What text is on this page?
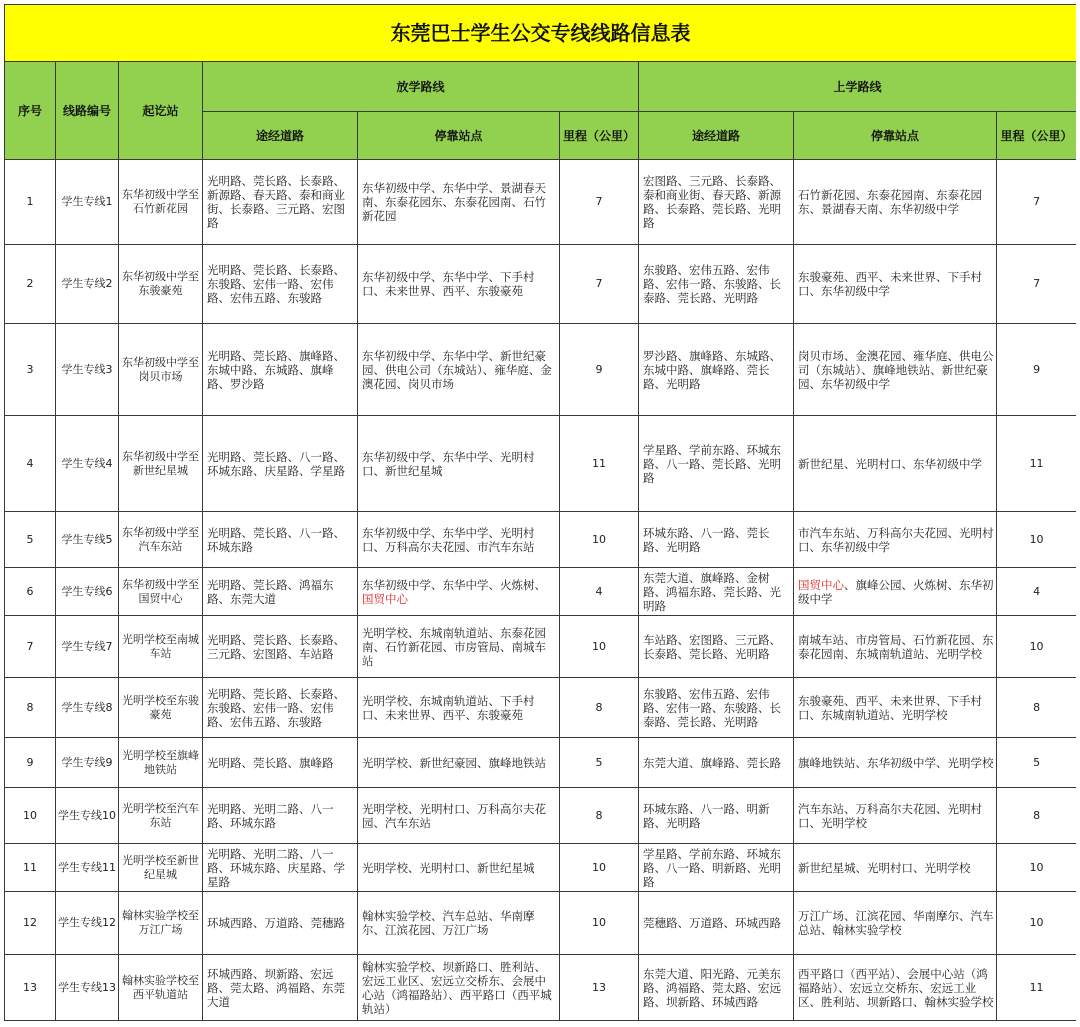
东莞巴士学生公交专线线路信息表								
序号	线路编号	起讫站	放学路线			上学路线		
			途经道路	停靠站点	里程（公里）	途经道路	停靠站点	里程（公里）
1	学生专线1	东华初级中学至石竹新花园	光明路、莞长路、长泰路、新源路、春天路、泰和商业街、长泰路、三元路、宏图路	东华初级中学、东华中学、景湖春天南、东泰花园东、东泰花园南、石竹新花园	7	宏图路、三元路、长泰路、泰和商业街、春天路、新源路、长泰路、莞长路、光明路	石竹新花园、东泰花园南、东泰花园东、景湖春天南、东华初级中学	7
2	学生专线2	东华初级中学至东骏豪苑	光明路、莞长路、长泰路、东骏路、宏伟一路、宏伟路、宏伟五路、东骏路	东华初级中学、东华中学、下手村口、未来世界、西平、东骏豪苑	7	东骏路、宏伟五路、宏伟路、宏伟一路、东骏路、长泰路、莞长路、光明路	东骏豪苑、西平、未来世界、下手村口、东华初级中学	7
3	学生专线3	东华初级中学至岗贝市场	光明路、莞长路、旗峰路、东城中路、东城路、旗峰路、罗沙路	东华初级中学、东华中学、新世纪豪园、供电公司（东城站）、雍华庭、金澳花园、岗贝市场	9	罗沙路、旗峰路、东城路、东城中路、旗峰路、莞长路、光明路	岗贝市场、金澳花园、雍华庭、供电公司（东城站）、旗峰地铁站、新世纪豪园、东华初级中学	9
4	学生专线4	东华初级中学至新世纪星城	光明路、莞长路、八一路、环城东路、庆星路、学星路	东华初级中学、东华中学、光明村口、新世纪星城	11	学星路、学前东路、环城东路、八一路、莞长路、光明路	新世纪星、光明村口、东华初级中学	11
5	学生专线5	东华初级中学至汽车东站	光明路、莞长路、八一路、环城东路	东华初级中学、东华中学、光明村口、万科高尔夫花园、市汽车东站	10	环城东路、八一路、莞长路、光明路	市汽车东站、万科高尔夫花园、光明村口、东华初级中学	10
6	学生专线6	东华初级中学至国贸中心	光明路、莞长路、鸿福东路、东莞大道	东华初级中学、东华中学、火炼树、国贸中心	4	东莞大道、旗峰路、金树路、鸿福东路、莞长路、光明路	国贸中心、旗峰公园、火炼树、东华初级中学	4
7	学生专线7	光明学校至南城车站	光明路、莞长路、长泰路、三元路、宏图路、车站路	光明学校、东城南轨道站、东泰花园南、石竹新花园、市房管局、南城车站	10	车站路、宏图路、三元路、长泰路、莞长路、光明路	南城车站、市房管局、石竹新花园、东泰花园南、东城南轨道站、光明学校	10
8	学生专线8	光明学校至东骏豪苑	光明路、莞长路、长泰路、东骏路、宏伟一路、宏伟路、宏伟五路、东骏路	光明学校、东城南轨道站、下手村口、未来世界、西平、东骏豪苑	8	东骏路、宏伟五路、宏伟路、宏伟一路、东骏路、长泰路、莞长路、光明路	东骏豪苑、西平、未来世界、下手村口、东城南轨道站、光明学校	8
9	学生专线9	光明学校至旗峰地铁站	光明路、莞长路、旗峰路	光明学校、新世纪豪园、旗峰地铁站	5	东莞大道、旗峰路、莞长路	旗峰地铁站、东华初级中学、光明学校	5
10	学生专线10	光明学校至汽车东站	光明路、光明二路、八一路、环城东路	光明学校、光明村口、万科高尔夫花园、汽车东站	8	环城东路、八一路、明新路、光明路	汽车东站、万科高尔夫花园、光明村口、光明学校	8
11	学生专线11	光明学校至新世纪星城	光明路、光明二路、八一路、环城东路、庆星路、学星路	光明学校、光明村口、新世纪星城	10	学星路、学前东路、环城东路、八一路、明新路、光明路	新世纪星城、光明村口、光明学校	10
12	学生专线12	翰林实验学校至万江广场	环城西路、万道路、莞穗路	翰林实验学校、汽车总站、华南摩尔、江滨花园、万江广场	10	莞穗路、万道路、环城西路	万江广场、江滨花园、华南摩尔、汽车总站、翰林实验学校	10
13	学生专线13	翰林实验学校至西平轨道站	环城西路、坝新路、宏远路、莞太路、鸿福路、东莞大道	翰林实验学校、坝新路口、胜利站、宏远工业区、宏远立交桥东、会展中心站（鸿福路站）、西平路口（西平城轨站）	13	东莞大道、阳光路、元美东路、鸿福路、莞太路、宏远路、坝新路、环城西路	西平路口（西平站）、会展中心站（鸿福路站）、宏远立交桥东、宏远工业区、胜利站、坝新路口、翰林实验学校	11
